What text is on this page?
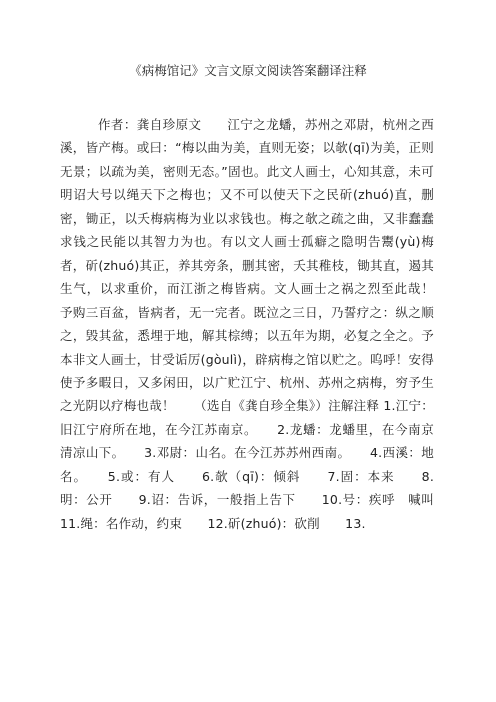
《病梅馆记》文言文原文阅读答案翻译注释

作者：龚自珍原文　　江宁之龙蟠，苏州之邓尉，杭州之西溪，皆产梅。或曰：“梅以曲为美，直则无姿；以欹(qī)为美，正则无景；以疏为美，密则无态。”固也。此文人画士，心知其意，未可明诏大号以绳天下之梅也；又不可以使天下之民斫(zhuó)直，删密，锄正，以夭梅病梅为业以求钱也。梅之欹之疏之曲，又非蠢蠢求钱之民能以其智力为也。有以文人画士孤癖之隐明告鬻(yù)梅者，斫(zhuó)其正，养其旁条，删其密，夭其稚枝，锄其直，遏其生气，以求重价，而江浙之梅皆病。文人画士之祸之烈至此哉！　　予购三百盆，皆病者，无一完者。既泣之三日，乃誓疗之：纵之顺之，毁其盆，悉埋于地，解其棕缚；以五年为期，必复之全之。予本非文人画士，甘受诟厉(gòulì)，辟病梅之馆以贮之。呜呼！安得使予多暇日，又多闲田，以广贮江宁、杭州、苏州之病梅，穷予生之光阴以疗梅也哉！　　（选自《龚自珍全集》）注解注释 1.江宁：旧江宁府所在地，在今江苏南京。　　2.龙蟠：龙蟠里，在今南京清凉山下。　　3.邓尉：山名。在今江苏苏州西南。　　4.西溪：地名。　　5.或：有人　　6.欹（qī)：倾斜　　7.固：本来　　8.明：公开　　9.诏：告诉，一般指上告下　　10.号：疾呼　喊叫　　11.绳：名作动，约束　　12.斫(zhuó)：砍削　　13.
